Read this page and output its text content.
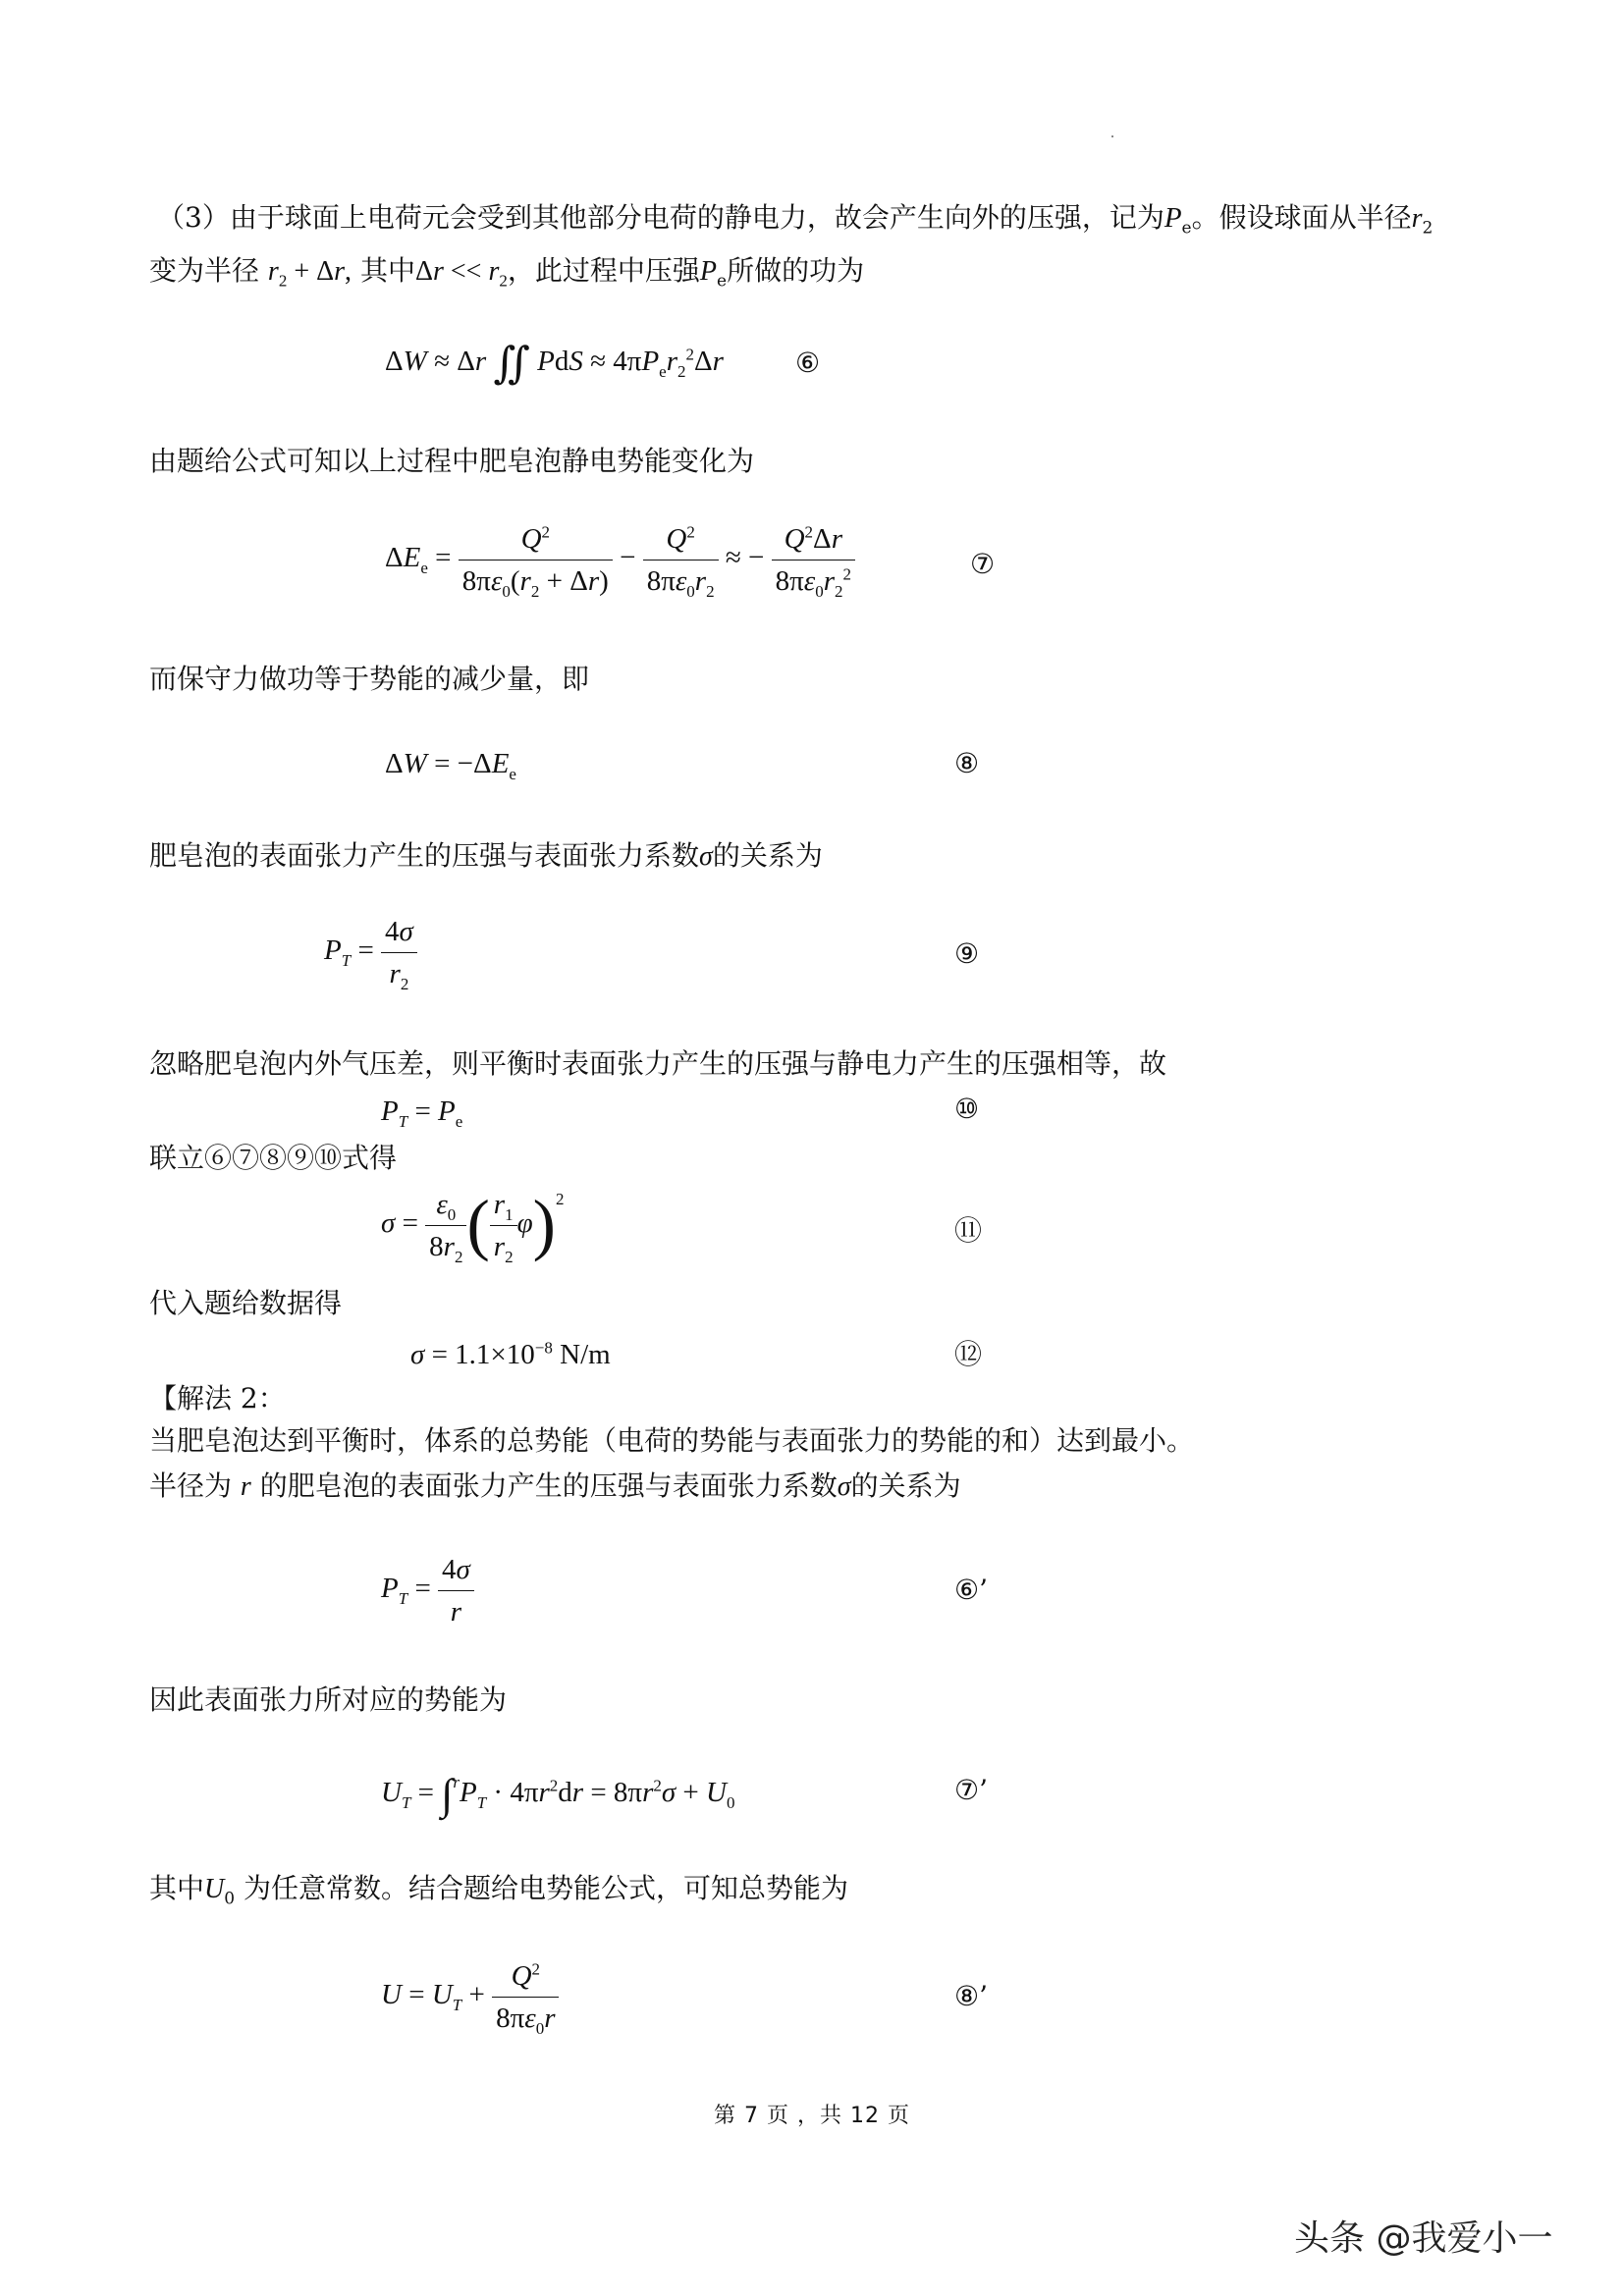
（3）由于球面上电荷元会受到其他部分电荷的静电力，故会产生向外的压强，记为$P_e$。假设球面从半径$r_2$
变为半径 $r_2 + \Delta r$, 其中$\Delta r << r_2$，此过程中压强$P_e$所做的功为
ΔW ≈ Δr ∬ PdS ≈ $4\pi P_er_2^2\Delta r$	⑥
由题给公式可知以上过程中肥皂泡静电势能变化为
$\Delta E_e = \frac{Q^2}{8\pi\varepsilon_0(r_2 + \Delta r)} - \frac{Q^2}{8\pi\varepsilon_0r_2}$ ≈ − $\frac{Q^2\Delta r}{8\pi\varepsilon_0r_2^2}$	⑦
而保守力做功等于势能的减少量，即
$\Delta W = -\Delta E_e$	⑧
肥皂泡的表面张力产生的压强与表面张力系数σ的关系为
$P_T = \frac{4\sigma}{r_2}$	⑨
忽略肥皂泡内外气压差，则平衡时表面张力产生的压强与静电力产生的压强相等，故
$P_T = P_e$	⑩
联立⑥⑦⑧⑨⑩式得
$\sigma = \frac{\varepsilon_0}{8r_2}$ ( $\frac{r_1}{r_2} \varphi)^2$
⑪
代入题给数据得
$\sigma = 1.1\times 10^{-8}$ N/m	⑫
【解法 2：
当肥皂泡达到平衡时，体系的总势能（电荷的势能与表面张力的势能的和）达到最小。
半径为 r 的肥皂泡的表面张力产生的压强与表面张力系数σ的关系为
$P_T = \frac{4\sigma}{r}$	⑥’
因此表面张力所对应的势能为
$U_T = \int^rP_T \cdot 4\pi r^2dr = 8\pi r^2\sigma + U_0$	⑦’
其中$U_0$ 为任意常数。结合题给电势能公式，可知总势能为
$U = U_T + \frac{Q^2}{8\pi\varepsilon_0r}$	⑧’
第 7 页 ，共 12 页
头条 @我爱小一
